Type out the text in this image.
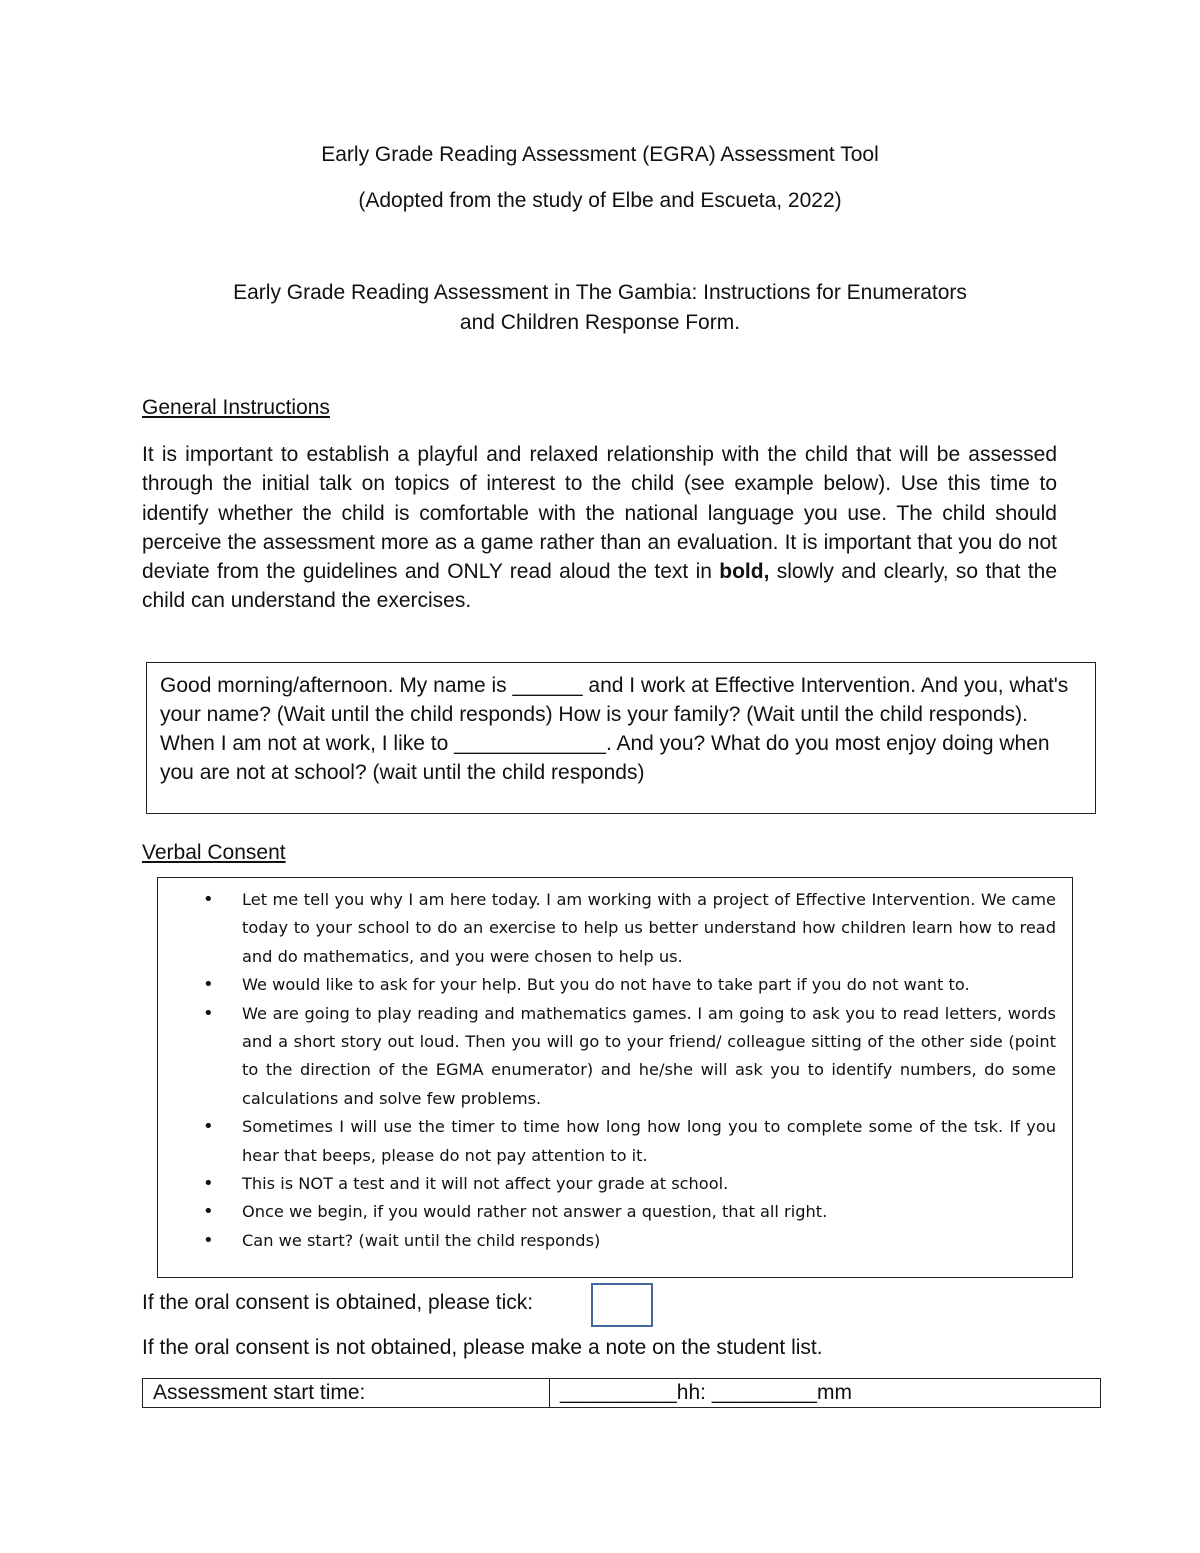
Early Grade Reading Assessment (EGRA) Assessment Tool
(Adopted from the study of Elbe and Escueta, 2022)
Early Grade Reading Assessment in The Gambia: Instructions for Enumerators
and Children Response Form.
General Instructions
It is important to establish a playful and relaxed relationship with the child that will be assessed through the initial talk on topics of interest to the child (see example below). Use this time to identify whether the child is comfortable with the national language you use. The child should perceive the assessment more as a game rather than an evaluation. It is important that you do not deviate from the guidelines and ONLY read aloud the text in bold, slowly and clearly, so that the child can understand the exercises.
Good morning/afternoon. My name is ______ and I work at Effective Intervention. And you, what's your name? (Wait until the child responds) How is your family? (Wait until the child responds). When I am not at work, I like to _____________. And you? What do you most enjoy doing when you are not at school? (wait until the child responds)
Verbal Consent
• Let me tell you why I am here today. I am working with a project of Effective Intervention. We came today to your school to do an exercise to help us better understand how children learn how to read and do mathematics, and you were chosen to help us.
• We would like to ask for your help. But you do not have to take part if you do not want to.
• We are going to play reading and mathematics games. I am going to ask you to read letters, words and a short story out loud. Then you will go to your friend/ colleague sitting of the other side (point to the direction of the EGMA enumerator) and he/she will ask you to identify numbers, do some calculations and solve few problems.
• Sometimes I will use the timer to time how long how long you to complete some of the tsk. If you hear that beeps, please do not pay attention to it.
• This is NOT a test and it will not affect your grade at school.
• Once we begin, if you would rather not answer a question, that all right.
• Can we start? (wait until the child responds)
If the oral consent is obtained, please tick:
If the oral consent is not obtained, please make a note on the student list.
Assessment start time:	__________hh: _________mm
